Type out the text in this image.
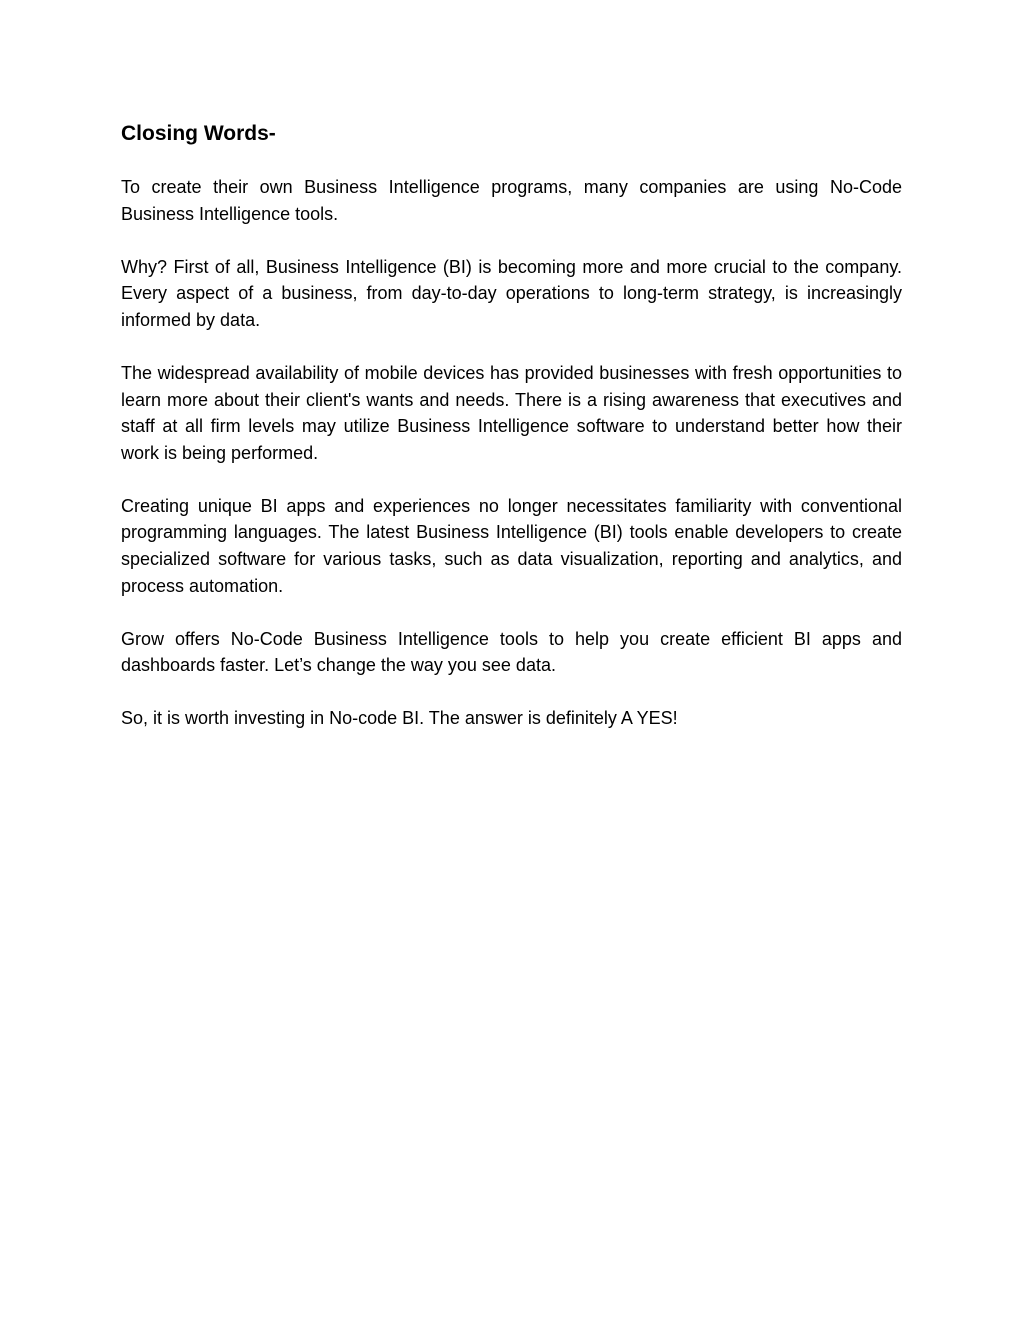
Closing Words-

To create their own Business Intelligence programs, many companies are using No-Code Business Intelligence tools.

Why? First of all, Business Intelligence (BI) is becoming more and more crucial to the company. Every aspect of a business, from day-to-day operations to long-term strategy, is increasingly informed by data.

The widespread availability of mobile devices has provided businesses with fresh opportunities to learn more about their client's wants and needs. There is a rising awareness that executives and staff at all firm levels may utilize Business Intelligence software to understand better how their work is being performed.

Creating unique BI apps and experiences no longer necessitates familiarity with conventional programming languages. The latest Business Intelligence (BI) tools enable developers to create specialized software for various tasks, such as data visualization, reporting and analytics, and process automation.

Grow offers No-Code Business Intelligence tools to help you create efficient BI apps and dashboards faster. Let’s change the way you see data.

So, it is worth investing in No-code BI. The answer is definitely A YES!
